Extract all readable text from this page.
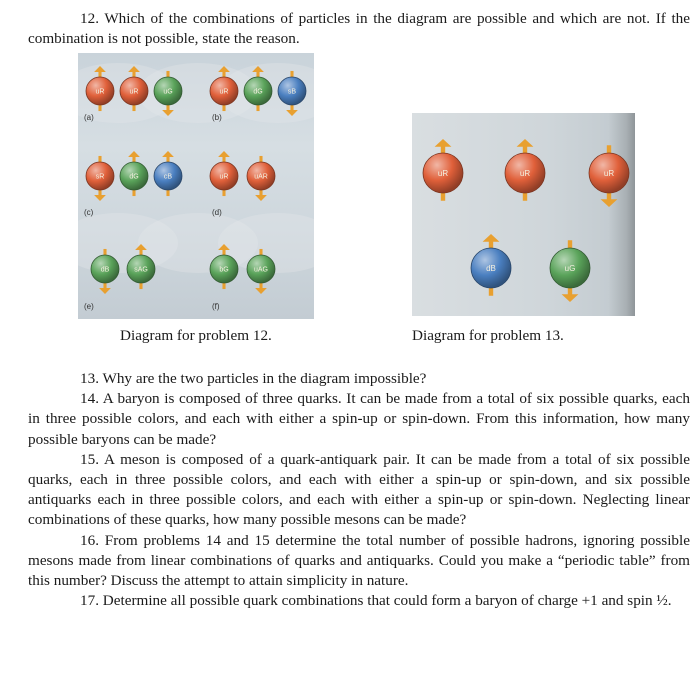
12. Which of the combinations of particles in the diagram are possible and which are not. If the combination is not possible, state the reason.

uR	uR	uG	uR	dG	sB
sR	dG	cB	uR	uAR
dB	sAG	bG	uAG
(a)	(b)
(c)	(d)
(e)	(f)
Diagram for problem 12.
uR	uR	uR
dB	uG
Diagram for problem 13.

13. Why are the two particles in the diagram impossible?

14. A baryon is composed of three quarks. It can be made from a total of six possible quarks, each in three possible colors, and each with either a spin-up or spin-down. From this information, how many possible baryons can be made?

15. A meson is composed of a quark-antiquark pair. It can be made from a total of six possible quarks, each in three possible colors, and each with either a spin-up or spin-down, and six possible antiquarks each in three possible colors, and each with either a spin-up or spin-down. Neglecting linear combinations of these quarks, how many possible mesons can be made?

16. From problems 14 and 15 determine the total number of possible hadrons, ignoring possible mesons made from linear combinations of quarks and antiquarks. Could you make a “periodic table” from this number? Discuss the attempt to attain simplicity in nature.

17. Determine all possible quark combinations that could form a baryon of charge +1 and spin ½.
